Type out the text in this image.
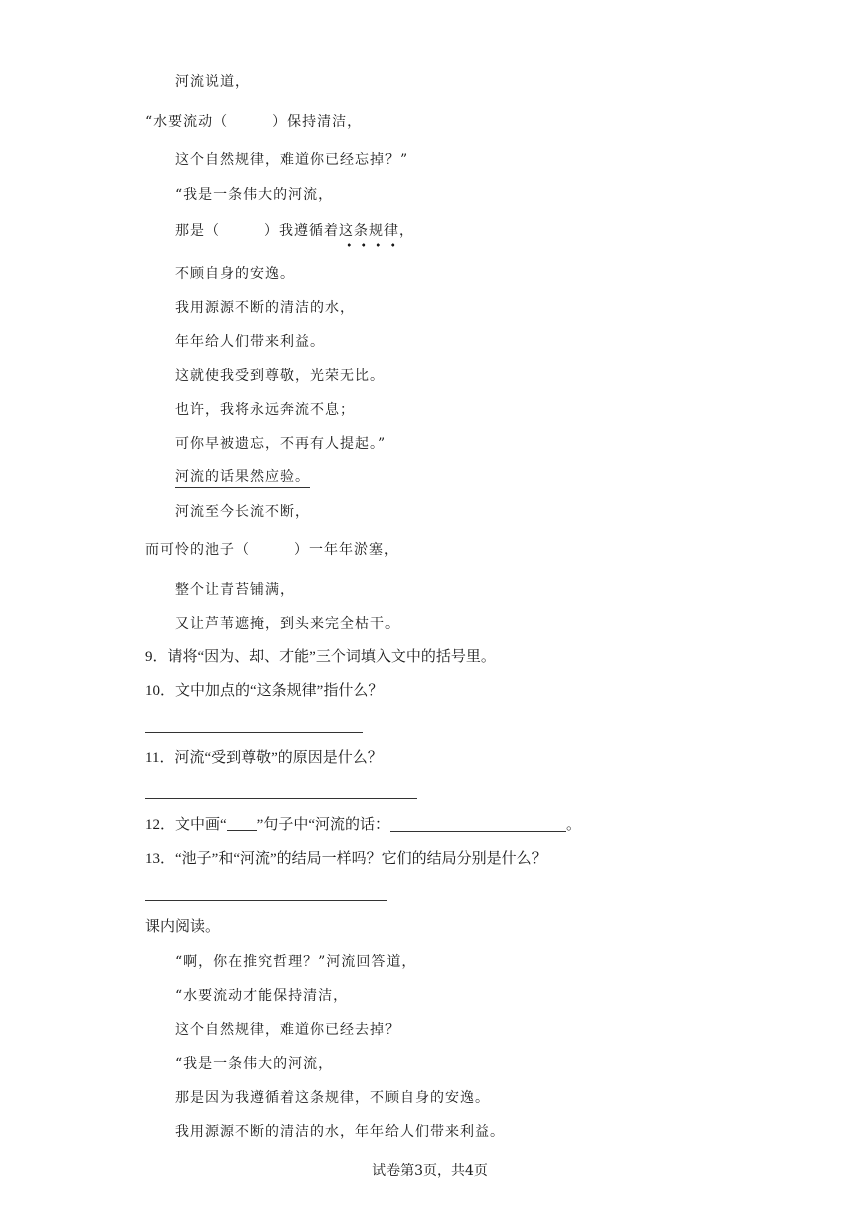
河流说道，
“水要流动（	）保持清洁，
这个自然规律，难道你已经忘掉？”
“我是一条伟大的河流，
那是（	）我遵循着这条规律
，
不顾自身的安逸。
我用源源不断的清洁的水，
年年给人们带来利益。
这就使我受到尊敬，光荣无比。
也许，我将永远奔流不息；
可你早被遗忘，不再有人提起。”
河流的话果然应验。
河流至今长流不断，
而可怜的池子（	）一年年淤塞，
整个让青苔铺满，
又让芦苇遮掩，到头来完全枯干。
9．请将“因为、却、才能”三个词填入文中的括号里。
10．文中加点的“这条规律”指什么？
11．河流“受到尊敬”的原因是什么？
12．文中画“ ”句子中“河流的话：	。
13．“池子”和“河流”的结局一样吗？它们的结局分别是什么？
课内阅读。
“啊，你在推究哲理？”河流回答道，
“水要流动才能保持清洁，
这个自然规律，难道你已经去掉？
“我是一条伟大的河流，
那是因为我遵循着这条规律，不顾自身的安逸。
我用源源不断的清洁的水，年年给人们带来利益。
试卷第3页，共4页
